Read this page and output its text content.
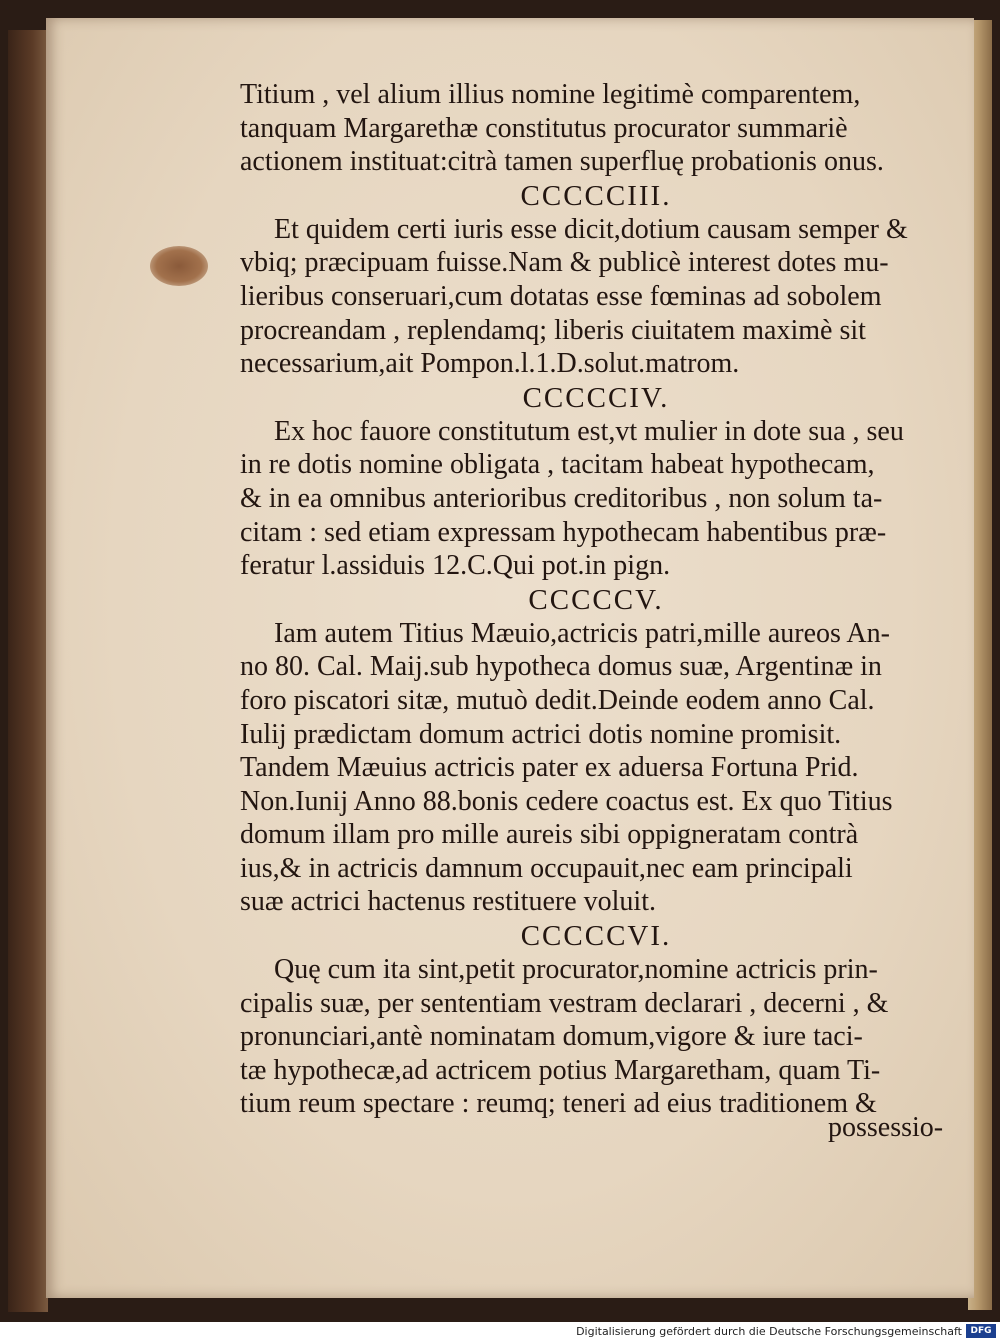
Titium , vel alium illius nomine legitimè comparentem,
tanquam Margarethæ constitutus procurator summariè
actionem instituat:citrà tamen superfluę probationis onus.

CCCCCIII.

Et quidem certi iuris esse dicit,dotium causam semper &
vbiq; præcipuam fuisse.Nam & publicè interest dotes mu-
lieribus conseruari,cum dotatas esse fœminas ad sobolem
procreandam , replendamq; liberis ciuitatem maximè sit
necessarium,ait Pompon.l.1.D.solut.matrom.

CCCCCIV.

Ex hoc fauore constitutum est,vt mulier in dote sua , seu
in re dotis nomine obligata , tacitam habeat hypothecam,
& in ea omnibus anterioribus creditoribus , non solum ta-
citam : sed etiam expressam hypothecam habentibus præ-
feratur l.assiduis 12.C.Qui pot.in pign.

CCCCCV.

Iam autem Titius Mæuio,actricis patri,mille aureos An-
no 80. Cal. Maij.sub hypotheca domus suæ, Argentinæ in
foro piscatori sitæ, mutuò dedit.Deinde eodem anno Cal.
Iulij prædictam domum actrici dotis nomine promisit.
Tandem Mæuius actricis pater ex aduersa Fortuna Prid.
Non.Iunij Anno 88.bonis cedere coactus est. Ex quo Titius
domum illam pro mille aureis sibi oppigneratam contrà
ius,& in actricis damnum occupauit,nec eam principali
suæ actrici hactenus restituere voluit.

CCCCCVI.

Quę cum ita sint,petit procurator,nomine actricis prin-
cipalis suæ, per sententiam vestram declarari , decerni , &
pronunciari,antè nominatam domum,vigore & iure taci-
tæ hypothecæ,ad actricem potius Margaretham, quam Ti-
tium reum spectare : reumq; teneri ad eius traditionem &
possessio-
Digitalisierung gefördert durch die Deutsche Forschungsgemeinschaft DFG
